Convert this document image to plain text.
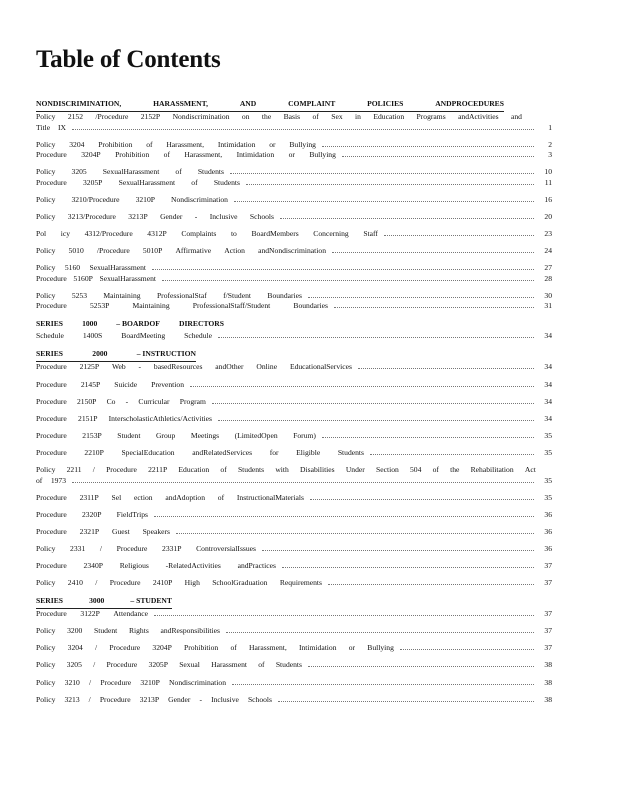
Table of Contents
NONDISCRIMINATION,	HARASSMENT,	AND	COMPLAINT	POLICIES	ANDPROCEDURES
Policy 2152 /Procedure 2152P Nondiscrimination on the Basis of Sex in Education Programs andActivities and
Title IX	1
Policy 3204 Prohibition of Harassment, Intimidation or Bullying	2
Procedure 3204P Prohibition of Harassment, Intimidation or Bullying	3
Policy 3205 SexualHarassment of Students	10
Procedure 3205P SexualHarassment of Students	11
Policy 3210/Procedure 3210P Nondiscrimination	16
Policy 3213/Procedure 3213P Gender - Inclusive Schools	20
Pol icy 4312/Procedure 4312P Complaints to BoardMembers Concerning Staff	23
Policy 5010 /Procedure 5010P Affirmative Action andNondiscrimination	24
Policy 5160 SexualHarassment	27
Procedure 5160P SexualHarassment	28
Policy 5253 Maintaining ProfessionalStaf f/Student Boundaries	30
Procedure	5253P	Maintaining	ProfessionalStaff/Student	Boundaries	31
SERIES	1000	– BOARDOF	DIRECTORS
Schedule	1400S	BoardMeeting	Schedule	34
SERIES	2000	– INSTRUCTION
Procedure 2125P Web - basedResources andOther Online EducationalServices	34
Procedure 2145P Suicide Prevention	34
Procedure 2150P Co - Curricular Program	34
Procedure 2151P InterscholasticAthletics/Activities	34
Procedure 2153P Student Group Meetings (LimitedOpen Forum)	35
Procedure 2210P SpecialEducation andRelatedServices for Eligible Students	35
Policy 2211 / Procedure 2211P Education of Students with Disabilities Under Section 504 of the Rehabilitation Act
of 1973	35
Procedure 2311P Sel ection andAdoption of InstructionalMaterials	35
Procedure 2320P FieldTrips	36
Procedure 2321P Guest Speakers	36
Policy 2331 / Procedure 2331P ControversialIssues	36
Procedure 2340P Religious -RelatedActivities andPractices	37
Policy 2410 / Procedure 2410P High SchoolGraduation Requirements	37
SERIES	3000	– STUDENT
Procedure 3122P Attendance	37
Policy 3200 Student Rights andResponsibilities	37
Policy 3204 / Procedure 3204P Prohibition of Harassment, Intimidation or Bullying	37
Policy 3205 / Procedure 3205P Sexual Harassment of Students	38
Policy 3210 / Procedure 3210P Nondiscrimination	38
Policy 3213 / Procedure 3213P Gender - Inclusive Schools	38
